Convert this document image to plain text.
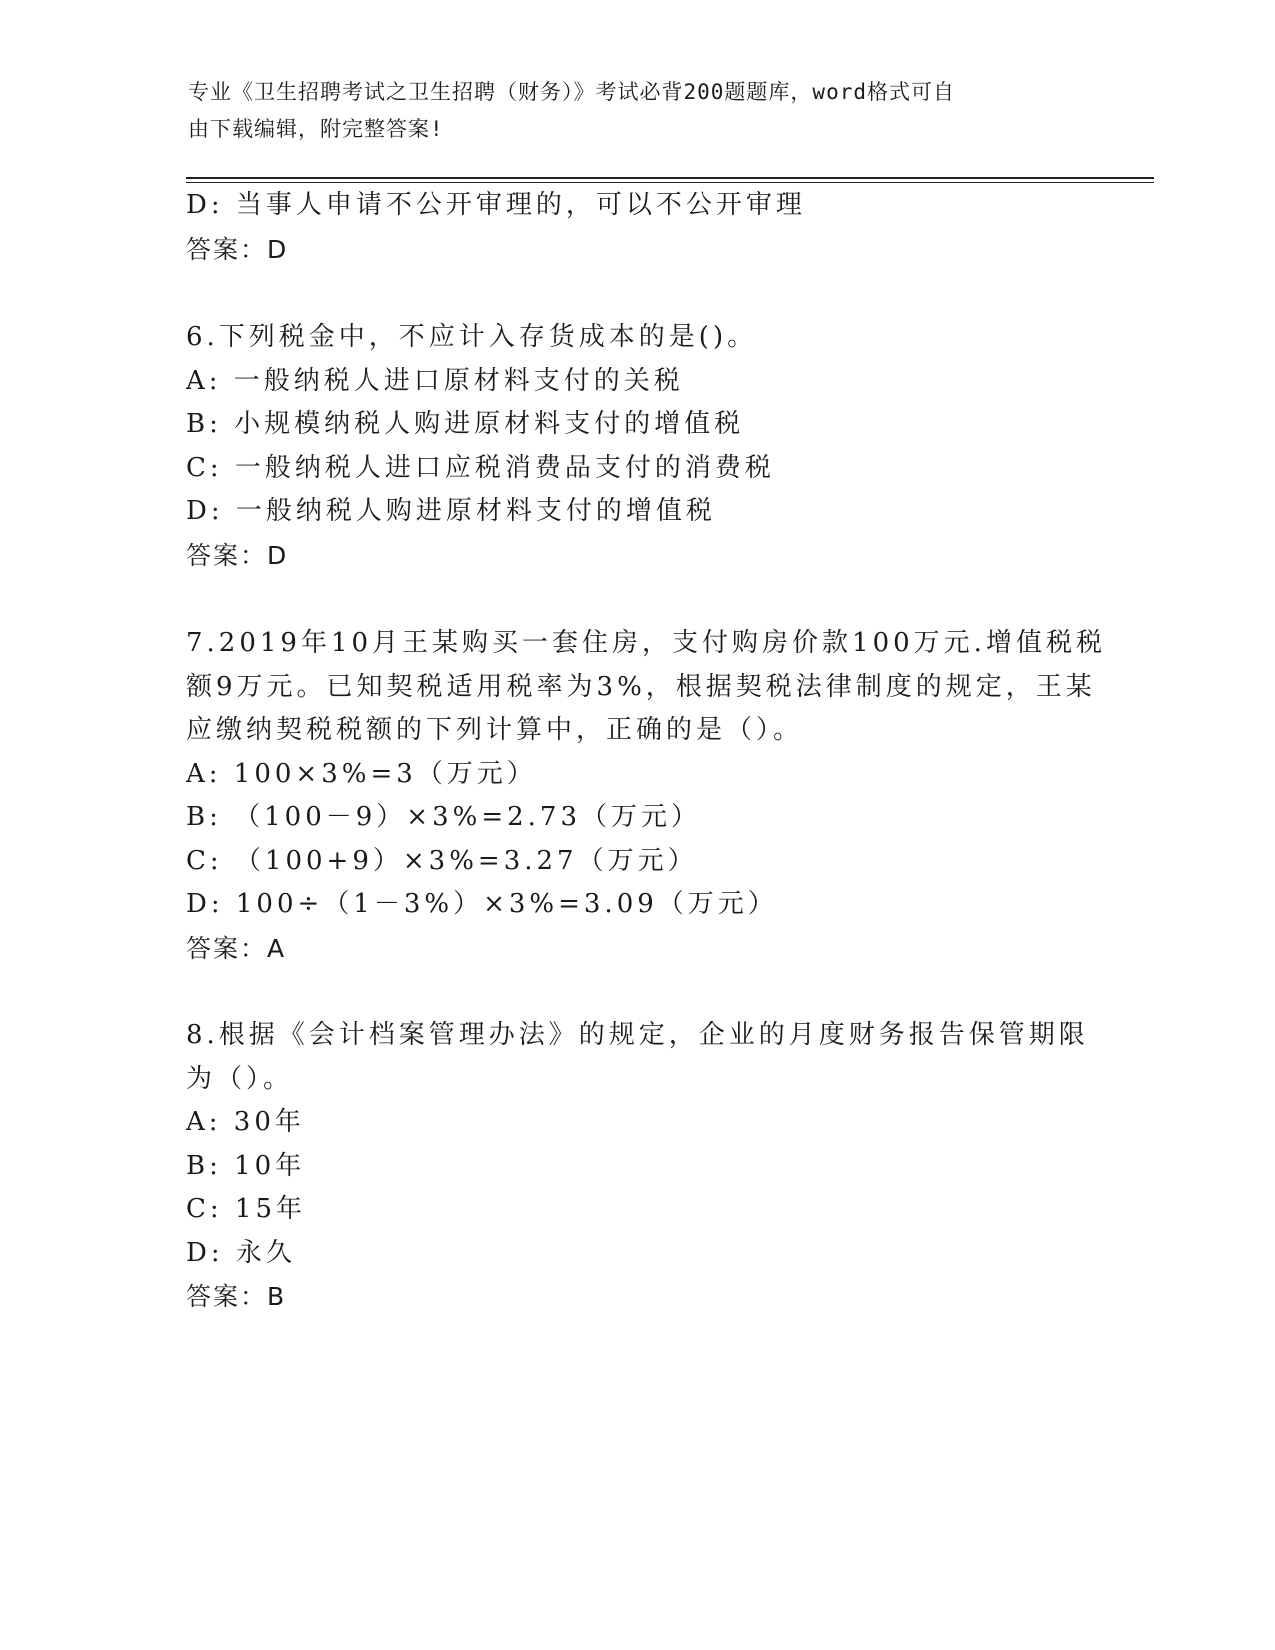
专业《卫生招聘考试之卫生招聘（财务）》考试必背200题题库，word格式可自
由下载编辑，附完整答案!
D: 当事人申请不公开审理的，可以不公开审理
答案：D
6.下列税金中，不应计入存货成本的是()。
A: 一般纳税人进口原材料支付的关税
B: 小规模纳税人购进原材料支付的增值税
C: 一般纳税人进口应税消费品支付的消费税
D: 一般纳税人购进原材料支付的增值税
答案：D
7.2019年10月王某购买一套住房，支付购房价款100万元.增值税税
额9万元。已知契税适用税率为3%，根据契税法律制度的规定，王某
应缴纳契税税额的下列计算中，正确的是（）。
A: 100×3%=3（万元）
B: （100－9）×3%=2.73（万元）
C: （100+9）×3%=3.27（万元）
D: 100÷（1－3%）×3%=3.09（万元）
答案：A
8.根据《会计档案管理办法》的规定，企业的月度财务报告保管期限
为（）。
A: 30年
B: 10年
C: 15年
D: 永久
答案：B
